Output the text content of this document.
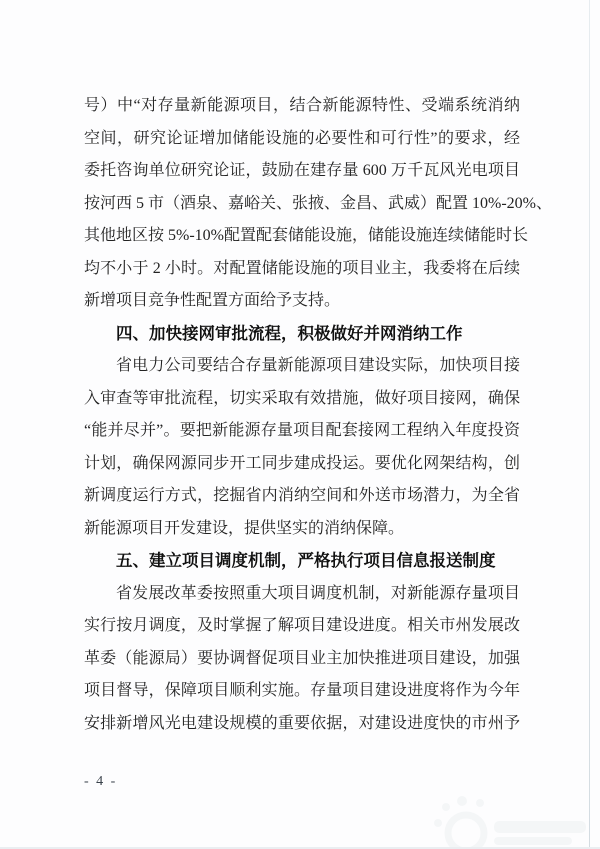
号）中“对存量新能源项目，结合新能源特性、受端系统消纳
空间，研究论证增加储能设施的必要性和可行性”的要求，经
委托咨询单位研究论证，鼓励在建存量 600 万千瓦风光电项目
按河西 5 市（酒泉、嘉峪关、张掖、金昌、武威）配置 10%-20%、
其他地区按 5%-10%配置配套储能设施，储能设施连续储能时长
均不小于 2 小时。对配置储能设施的项目业主，我委将在后续
新增项目竞争性配置方面给予支持。
四、加快接网审批流程，积极做好并网消纳工作
省电力公司要结合存量新能源项目建设实际，加快项目接
入审查等审批流程，切实采取有效措施，做好项目接网，确保
“能并尽并”。要把新能源存量项目配套接网工程纳入年度投资
计划，确保网源同步开工同步建成投运。要优化网架结构，创
新调度运行方式，挖掘省内消纳空间和外送市场潜力，为全省
新能源项目开发建设，提供坚实的消纳保障。
五、建立项目调度机制，严格执行项目信息报送制度
省发展改革委按照重大项目调度机制，对新能源存量项目
实行按月调度，及时掌握了解项目建设进度。相关市州发展改
革委（能源局）要协调督促项目业主加快推进项目建设，加强
项目督导，保障项目顺利实施。存量项目建设进度将作为今年
安排新增风光电建设规模的重要依据，对建设进度快的市州予
- 4 -
